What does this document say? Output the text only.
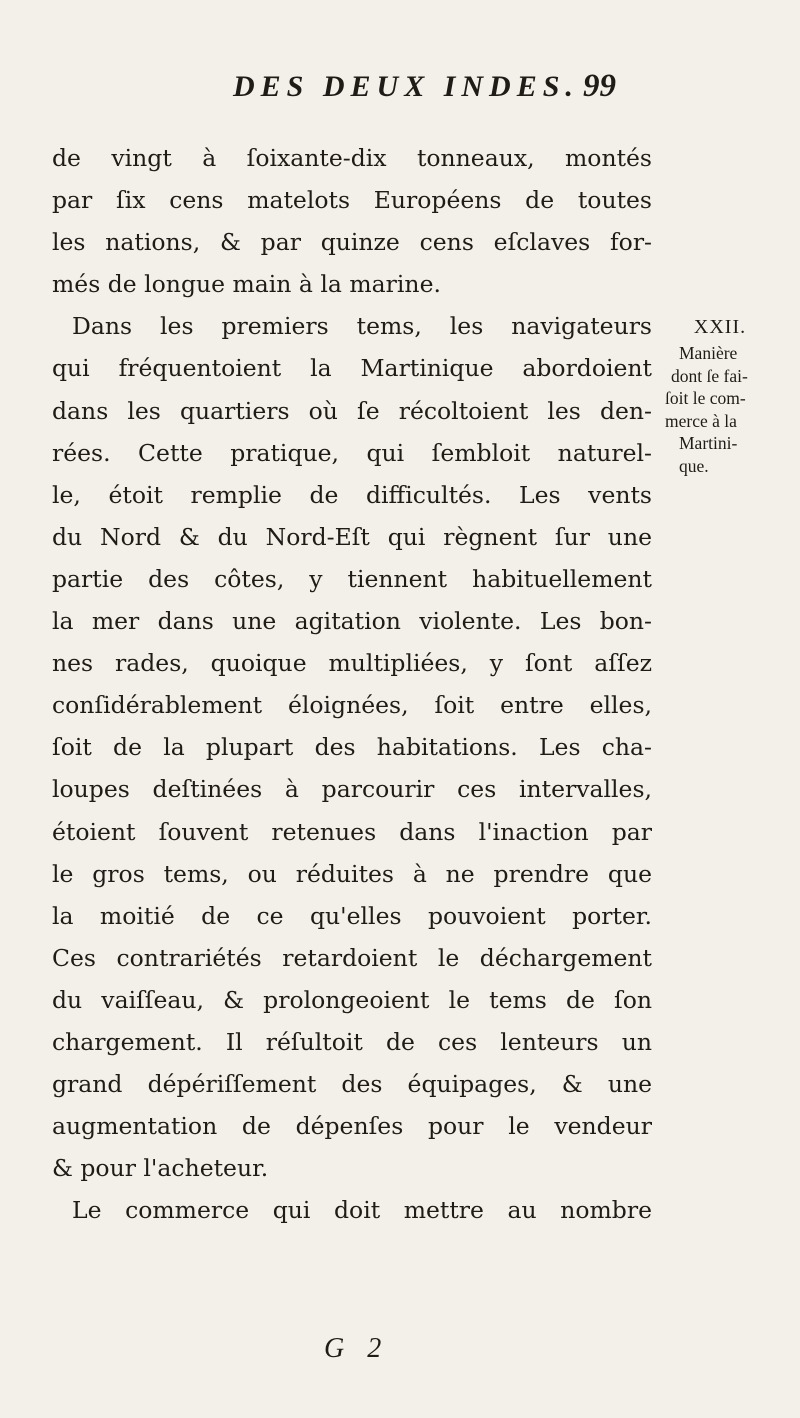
DES DEUX INDES. 99
de vingt à ſoixante-dix tonneaux, montés
par ſix cens matelots Européens de toutes
les nations, & par quinze cens eſclaves for-
més de longue main à la marine.
Dans les premiers tems, les navigateurs
qui fréquentoient la Martinique abordoient
dans les quartiers où ſe récoltoient les den-
rées. Cette pratique, qui ſembloit naturel-
le, étoit remplie de difficultés. Les vents
du Nord & du Nord-Eſt qui règnent ſur une
partie des côtes, y tiennent habituellement
la mer dans une agitation violente. Les bon-
nes rades, quoique multipliées, y ſont aſſez
conſidérablement éloignées, ſoit entre elles,
ſoit de la plupart des habitations. Les cha-
loupes deſtinées à parcourir ces intervalles,
étoient ſouvent retenues dans l'inaction par
le gros tems, ou réduites à ne prendre que
la moitié de ce qu'elles pouvoient porter.
Ces contrariétés retardoient le déchargement
du vaiſſeau, & prolongeoient le tems de ſon
chargement. Il réſultoit de ces lenteurs un
grand dépériſſement des équipages, & une
augmentation de dépenſes pour le vendeur
& pour l'acheteur.
Le commerce qui doit mettre au nombre
XXII.
Manière
dont ſe fai-
ſoit le com-
merce à la
Martini-
que.
G 2
